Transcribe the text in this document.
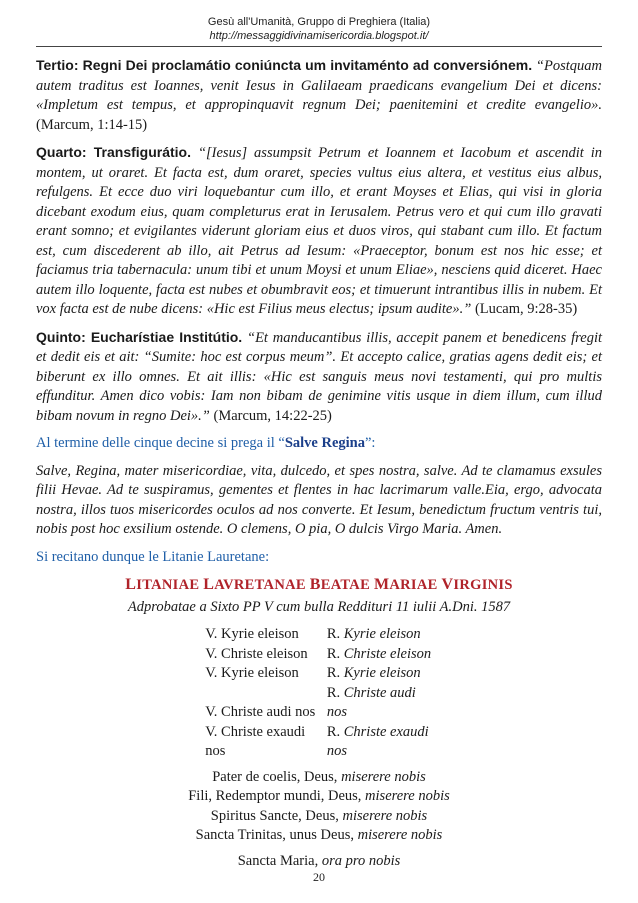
Gesù all'Umanità, Gruppo di Preghiera (Italia)
http://messaggidivinamisericordia.blogspot.it/

Tertio: Regni Dei proclamátio coniúncta um invitaménto ad conversiónem. “Postquam autem traditus est Ioannes, venit Iesus in Galilaeam praedicans evangelium Dei et dicens: «Impletum est tempus, et appropinquavit regnum Dei; paenitemini et credite evangelio». (Marcum, 1:14-15)

Quarto: Transfigurátio. “[Iesus] assumpsit Petrum et Ioannem et Iacobum et ascendit in montem, ut oraret. Et facta est, dum oraret, species vultus eius altera, et vestitus eius albus, refulgens. Et ecce duo viri loquebantur cum illo, et erant Moyses et Elias, qui visi in gloria dicebant exodum eius, quam completurus erat in Ierusalem. Petrus vero et qui cum illo gravati erant somno; et evigilantes viderunt gloriam eius et duos viros, qui stabant cum illo. Et factum est, cum discederent ab illo, ait Petrus ad Iesum: «Praeceptor, bonum est nos hic esse; et faciamus tria tabernacula: unum tibi et unum Moysi et unum Eliae», nesciens quid diceret. Haec autem illo loquente, facta est nubes et obumbravit eos; et timuerunt intrantibus illis in nubem. Et vox facta est de nube dicens: «Hic est Filius meus electus; ipsum audite».” (Lucam, 9:28-35)

Quinto: Eucharístiae Institútio. “Et manducantibus illis, accepit panem et benedicens fregit et dedit eis et ait: “Sumite: hoc est corpus meum”. Et accepto calice, gratias agens dedit eis; et biberunt ex illo omnes. Et ait illis: «Hic est sanguis meus novi testamenti, qui pro multis effunditur. Amen dico vobis: Iam non bibam de genimine vitis usque in diem illum, cum illud bibam novum in regno Dei».” (Marcum, 14:22-25)

Al termine delle cinque decine si prega il “Salve Regina”:

Salve, Regina, mater misericordiae, vita, dulcedo, et spes nostra, salve. Ad te clamamus exsules filii Hevae. Ad te suspiramus, gementes et flentes in hac lacrimarum valle.Eia, ergo, advocata nostra, illos tuos misericordes oculos ad nos converte. Et Iesum, benedictum fructum ventris tui, nobis post hoc exsilium ostende. O clemens, O pia, O dulcis Virgo Maria. Amen.

Si recitano dunque le Litanie Lauretane:

LITANIAE LAVRETANAE BEATAE MARIAE VIRGINIS
Adprobatae a Sixto PP V cum bulla Reddituri 11 iulii A.Dni. 1587
V. Kyrie eleison R. Kyrie eleison
V. Christe eleison R. Christe eleison
V. Kyrie eleison R. Kyrie eleison
V. Christe audi nos R. Christe audi nos
V. Christe exaudi nos R. Christe exaudi nos
Pater de coelis, Deus, miserere nobis
Fili, Redemptor mundi, Deus, miserere nobis
Spiritus Sancte, Deus, miserere nobis
Sancta Trinitas, unus Deus, miserere nobis
Sancta Maria, ora pro nobis
20
